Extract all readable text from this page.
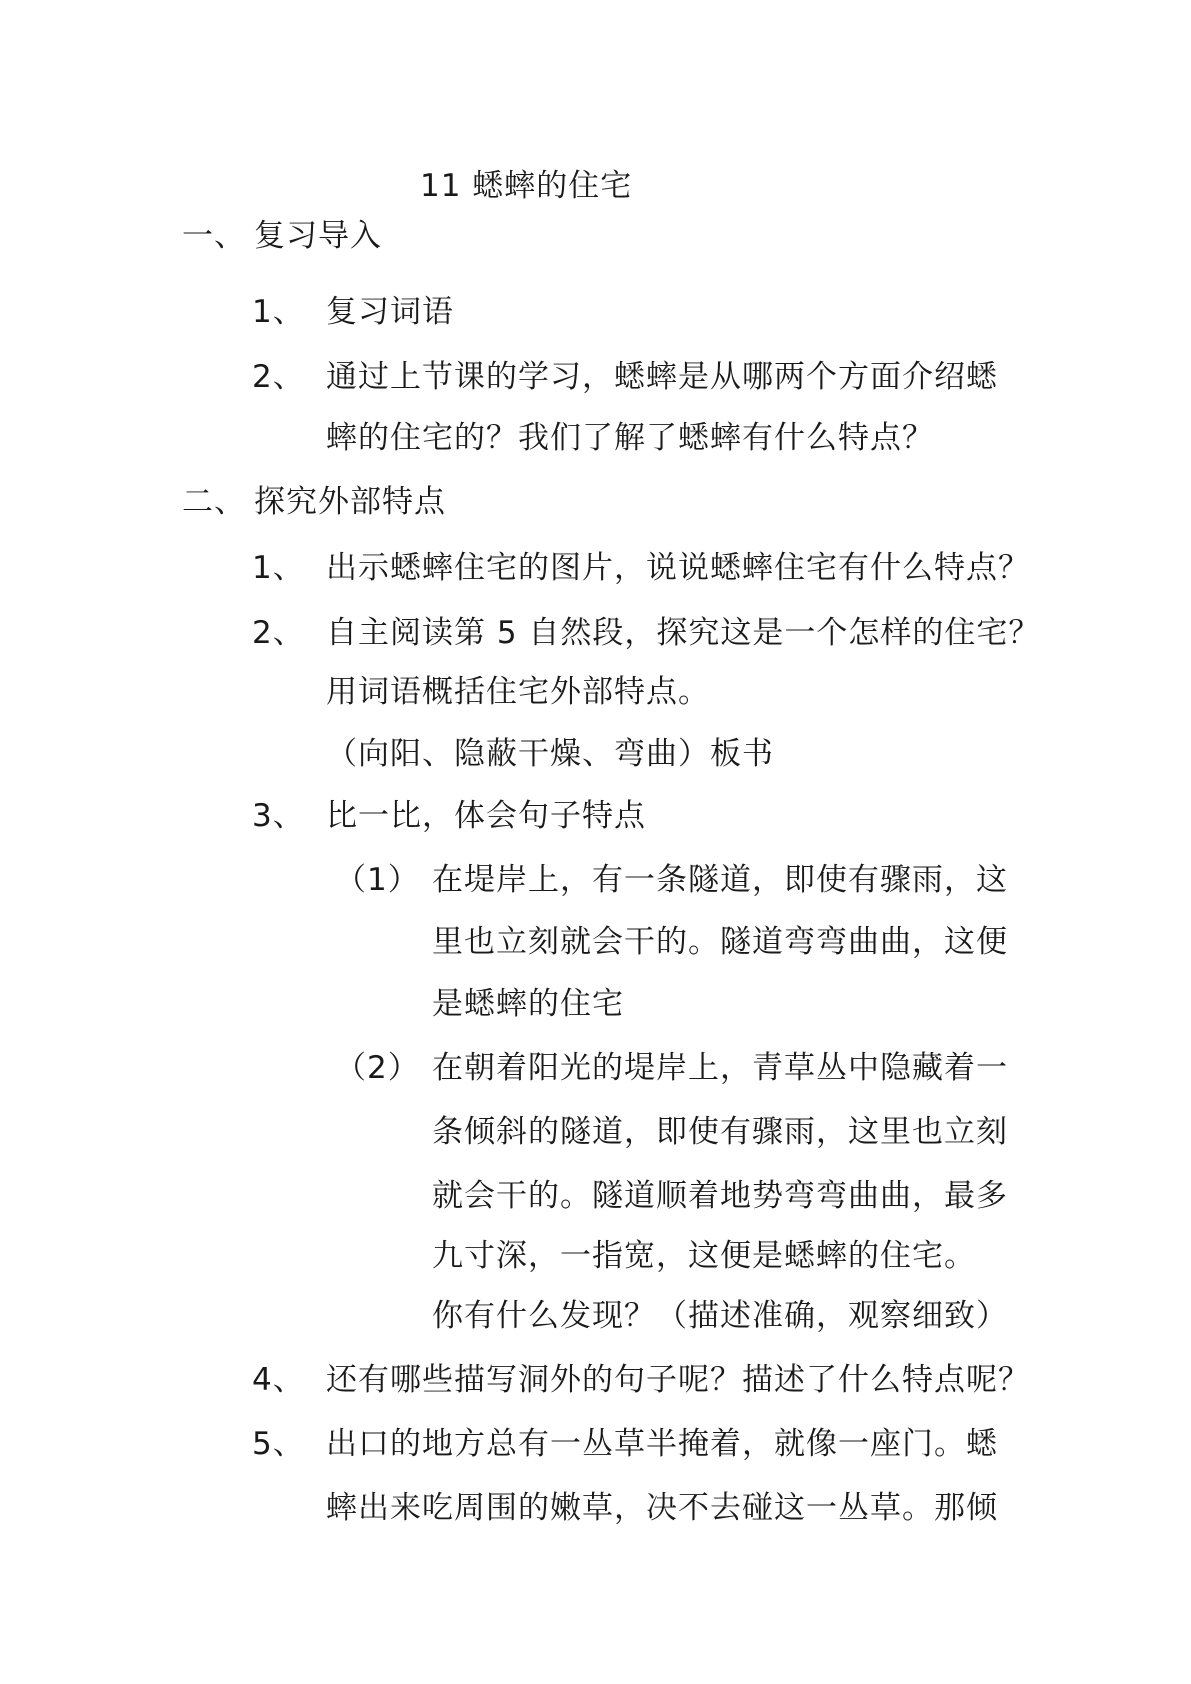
11 蟋蟀的住宅
一、 复习导入
1、 复习词语
2、 通过上节课的学习，蟋蟀是从哪两个方面介绍蟋
蟀的住宅的？我们了解了蟋蟀有什么特点？
二、 探究外部特点
1、 出示蟋蟀住宅的图片，说说蟋蟀住宅有什么特点？
2、 自主阅读第 5 自然段，探究这是一个怎样的住宅？
用词语概括住宅外部特点。
（向阳、隐蔽干燥、弯曲）板书
3、 比一比，体会句子特点
（1） 在堤岸上，有一条隧道，即使有骤雨，这
里也立刻就会干的。隧道弯弯曲曲，这便
是蟋蟀的住宅
（2） 在朝着阳光的堤岸上，青草丛中隐藏着一
条倾斜的隧道，即使有骤雨，这里也立刻
就会干的。隧道顺着地势弯弯曲曲，最多
九寸深，一指宽，这便是蟋蟀的住宅。
你有什么发现？（描述准确，观察细致）
4、 还有哪些描写洞外的句子呢？描述了什么特点呢？
5、 出口的地方总有一丛草半掩着，就像一座门。蟋
蟀出来吃周围的嫩草，决不去碰这一丛草。那倾
